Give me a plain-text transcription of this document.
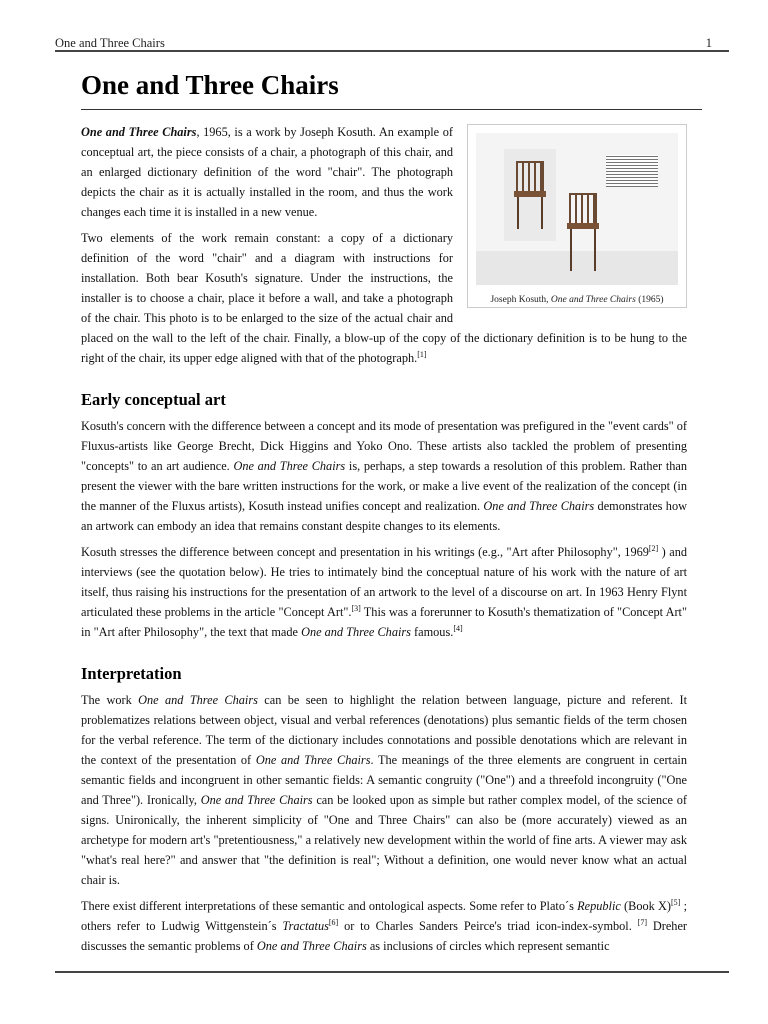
One and Three Chairs	1
One and Three Chairs
Joseph Kosuth, One and Three Chairs (1965)

One and Three Chairs, 1965, is a work by Joseph Kosuth. An example of conceptual art, the piece consists of a chair, a photograph of this chair, and an enlarged dictionary definition of the word "chair". The photograph depicts the chair as it is actually installed in the room, and thus the work changes each time it is installed in a new venue.

Two elements of the work remain constant: a copy of a dictionary definition of the word "chair" and a diagram with instructions for installation. Both bear Kosuth's signature. Under the instructions, the installer is to choose a chair, place it before a wall, and take a photograph of the chair. This photo is to be enlarged to the size of the actual chair and placed on the wall to the left of the chair. Finally, a blow-up of the copy of the dictionary definition is to be hung to the right of the chair, its upper edge aligned with that of the photograph.[1]

Early conceptual art

Kosuth's concern with the difference between a concept and its mode of presentation was prefigured in the "event cards" of Fluxus-artists like George Brecht, Dick Higgins and Yoko Ono. These artists also tackled the problem of presenting "concepts" to an art audience. One and Three Chairs is, perhaps, a step towards a resolution of this problem. Rather than present the viewer with the bare written instructions for the work, or make a live event of the realization of the concept (in the manner of the Fluxus artists), Kosuth instead unifies concept and realization. One and Three Chairs demonstrates how an artwork can embody an idea that remains constant despite changes to its elements.

Kosuth stresses the difference between concept and presentation in his writings (e.g., "Art after Philosophy", 1969[2] ) and interviews (see the quotation below). He tries to intimately bind the conceptual nature of his work with the nature of art itself, thus raising his instructions for the presentation of an artwork to the level of a discourse on art. In 1963 Henry Flynt articulated these problems in the article "Concept Art".[3] This was a forerunner to Kosuth's thematization of "Concept Art" in "Art after Philosophy", the text that made One and Three Chairs famous.[4]

Interpretation

The work One and Three Chairs can be seen to highlight the relation between language, picture and referent. It problematizes relations between object, visual and verbal references (denotations) plus semantic fields of the term chosen for the verbal reference. The term of the dictionary includes connotations and possible denotations which are relevant in the context of the presentation of One and Three Chairs. The meanings of the three elements are congruent in certain semantic fields and incongruent in other semantic fields: A semantic congruity ("One") and a threefold incongruity ("One and Three"). Ironically, One and Three Chairs can be looked upon as simple but rather complex model, of the science of signs. Unironically, the inherent simplicity of "One and Three Chairs" can also be (more accurately) viewed as an archetype for modern art's "pretentiousness," a relatively new development within the world of fine arts. A viewer may ask "what's real here?" and answer that "the definition is real"; Without a definition, one would never know what an actual chair is.

There exist different interpretations of these semantic and ontological aspects. Some refer to Plato´s Republic (Book X)[5] ; others refer to Ludwig Wittgenstein´s Tractatus[6] or to Charles Sanders Peirce's triad icon-index-symbol. [7] Dreher discusses the semantic problems of One and Three Chairs as inclusions of circles which represent semantic
